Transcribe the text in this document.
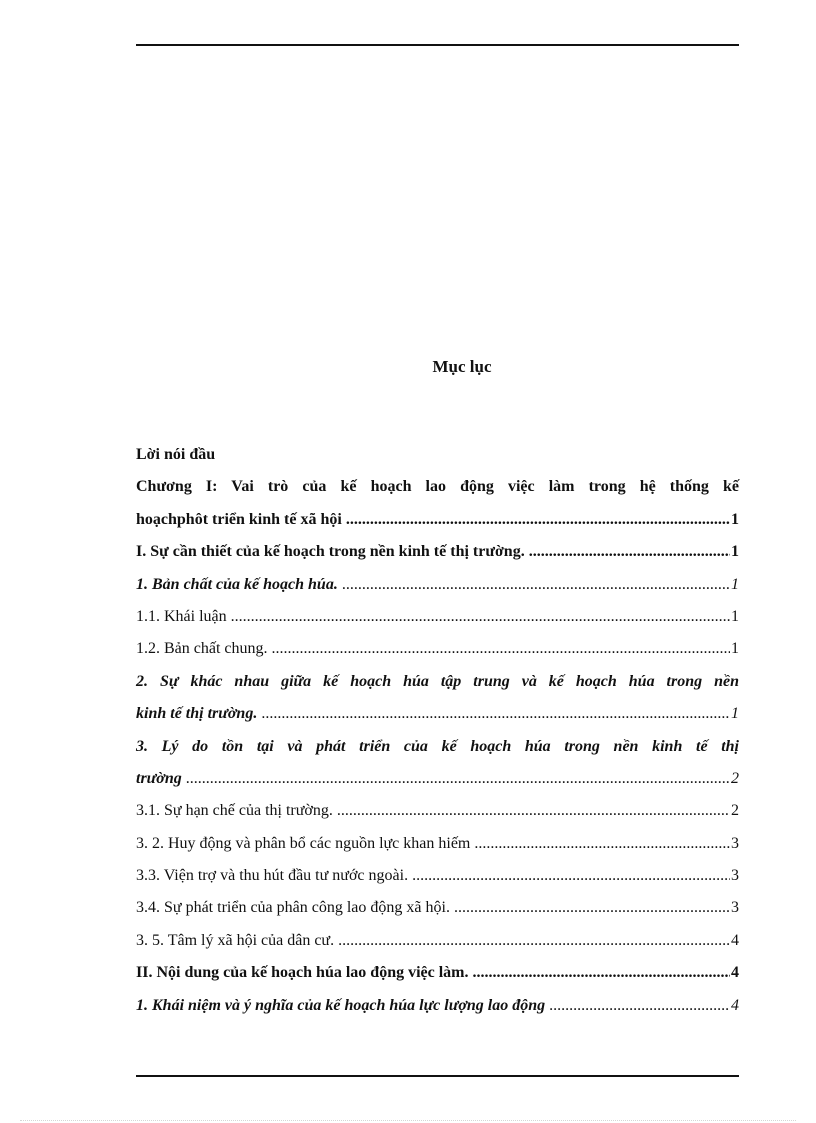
Mục lục
Lời nói đầu
Chương I: Vai trò của kế hoạch lao động việc làm trong hệ thống kế
hoạchphôt triển kinh tế xã hội .....	1
I. Sự cần thiết của kế hoạch trong nền kinh tế thị trường. .....	1
1. Bản chất của kế hoạch húa. .....	1
1.1. Khái luận .....	1
1.2. Bản chất chung. .....	1
2. Sự khác nhau giữa kế hoạch húa tập trung và kế hoạch húa trong nền
kinh tế thị trường. .....	1
3. Lý do tồn tại và phát triển của kế hoạch húa trong nền kinh tế thị
trường .....	2
3.1. Sự hạn chế của thị trường. .....	2
3. 2. Huy động và phân bổ các nguồn lực khan hiếm .....	3
3.3. Viện trợ và thu hút đầu tư nước ngoài. .....	3
3.4. Sự phát triển của phân công lao động xã hội. .....	3
3. 5. Tâm lý xã hội của dân cư. .....	4
II. Nội dung của kế hoạch húa lao động việc làm. .....	4
1. Khái niệm và ý nghĩa của kế hoạch húa lực lượng lao động .....	4
